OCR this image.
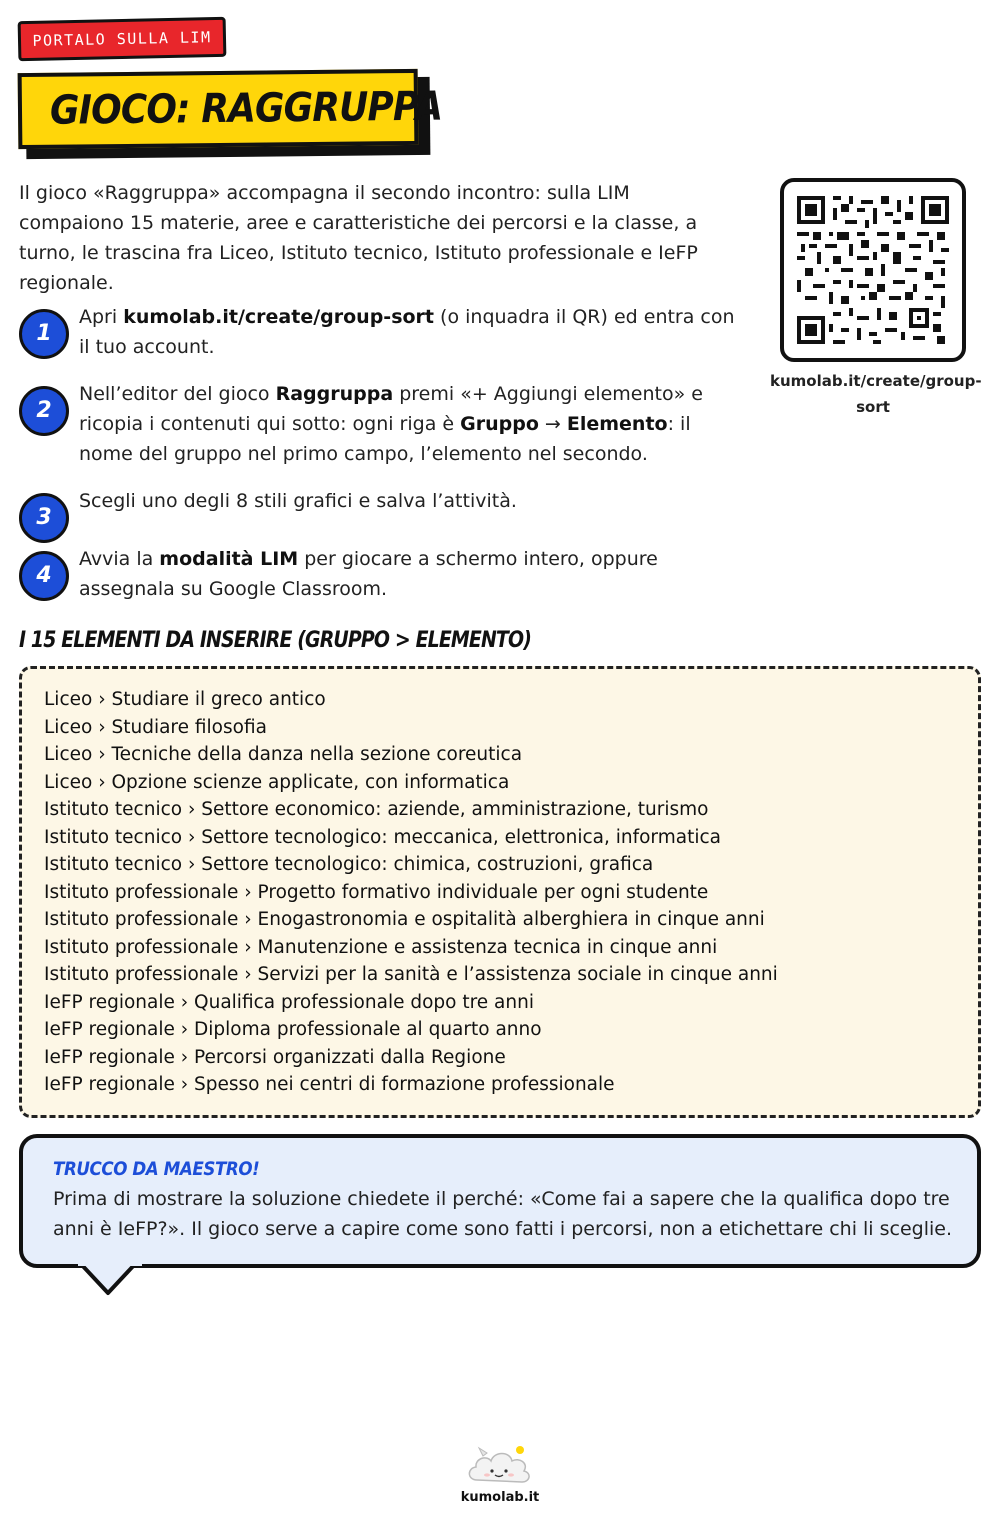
PORTALO SULLA LIM
GIOCO: RAGGRUPPA

Il gioco «Raggruppa» accompagna il secondo incontro: sulla LIM compaiono 15 materie, aree e caratteristiche dei percorsi e la classe, a turno, le trascina fra Liceo, Istituto tecnico, Istituto professionale e IeFP regionale.

kumolab.it/create/group-sort
1
Apri kumolab.it/create/group-sort (o inquadra il QR) ed entra con il tuo account.
2
Nell’editor del gioco Raggruppa premi «+ Aggiungi elemento» e ricopia i contenuti qui sotto: ogni riga è Gruppo → Elemento: il nome del gruppo nel primo campo, l’elemento nel secondo.
3
Scegli uno degli 8 stili grafici e salva l’attività.
4
Avvia la modalità LIM per giocare a schermo intero, oppure assegnala su Google Classroom.
I 15 ELEMENTI DA INSERIRE (GRUPPO > ELEMENTO)
Liceo › Studiare il greco antico
Liceo › Studiare filosofia
Liceo › Tecniche della danza nella sezione coreutica
Liceo › Opzione scienze applicate, con informatica
Istituto tecnico › Settore economico: aziende, amministrazione, turismo
Istituto tecnico › Settore tecnologico: meccanica, elettronica, informatica
Istituto tecnico › Settore tecnologico: chimica, costruzioni, grafica
Istituto professionale › Progetto formativo individuale per ogni studente
Istituto professionale › Enogastronomia e ospitalità alberghiera in cinque anni
Istituto professionale › Manutenzione e assistenza tecnica in cinque anni
Istituto professionale › Servizi per la sanità e l’assistenza sociale in cinque anni
IeFP regionale › Qualifica professionale dopo tre anni
IeFP regionale › Diploma professionale al quarto anno
IeFP regionale › Percorsi organizzati dalla Regione
IeFP regionale › Spesso nei centri di formazione professionale
TRUCCO DA MAESTRO!
Prima di mostrare la soluzione chiedete il perché: «Come fai a sapere che la qualifica dopo tre anni è IeFP?». Il gioco serve a capire come sono fatti i percorsi, non a etichettare chi li sceglie.
kumolab.it
